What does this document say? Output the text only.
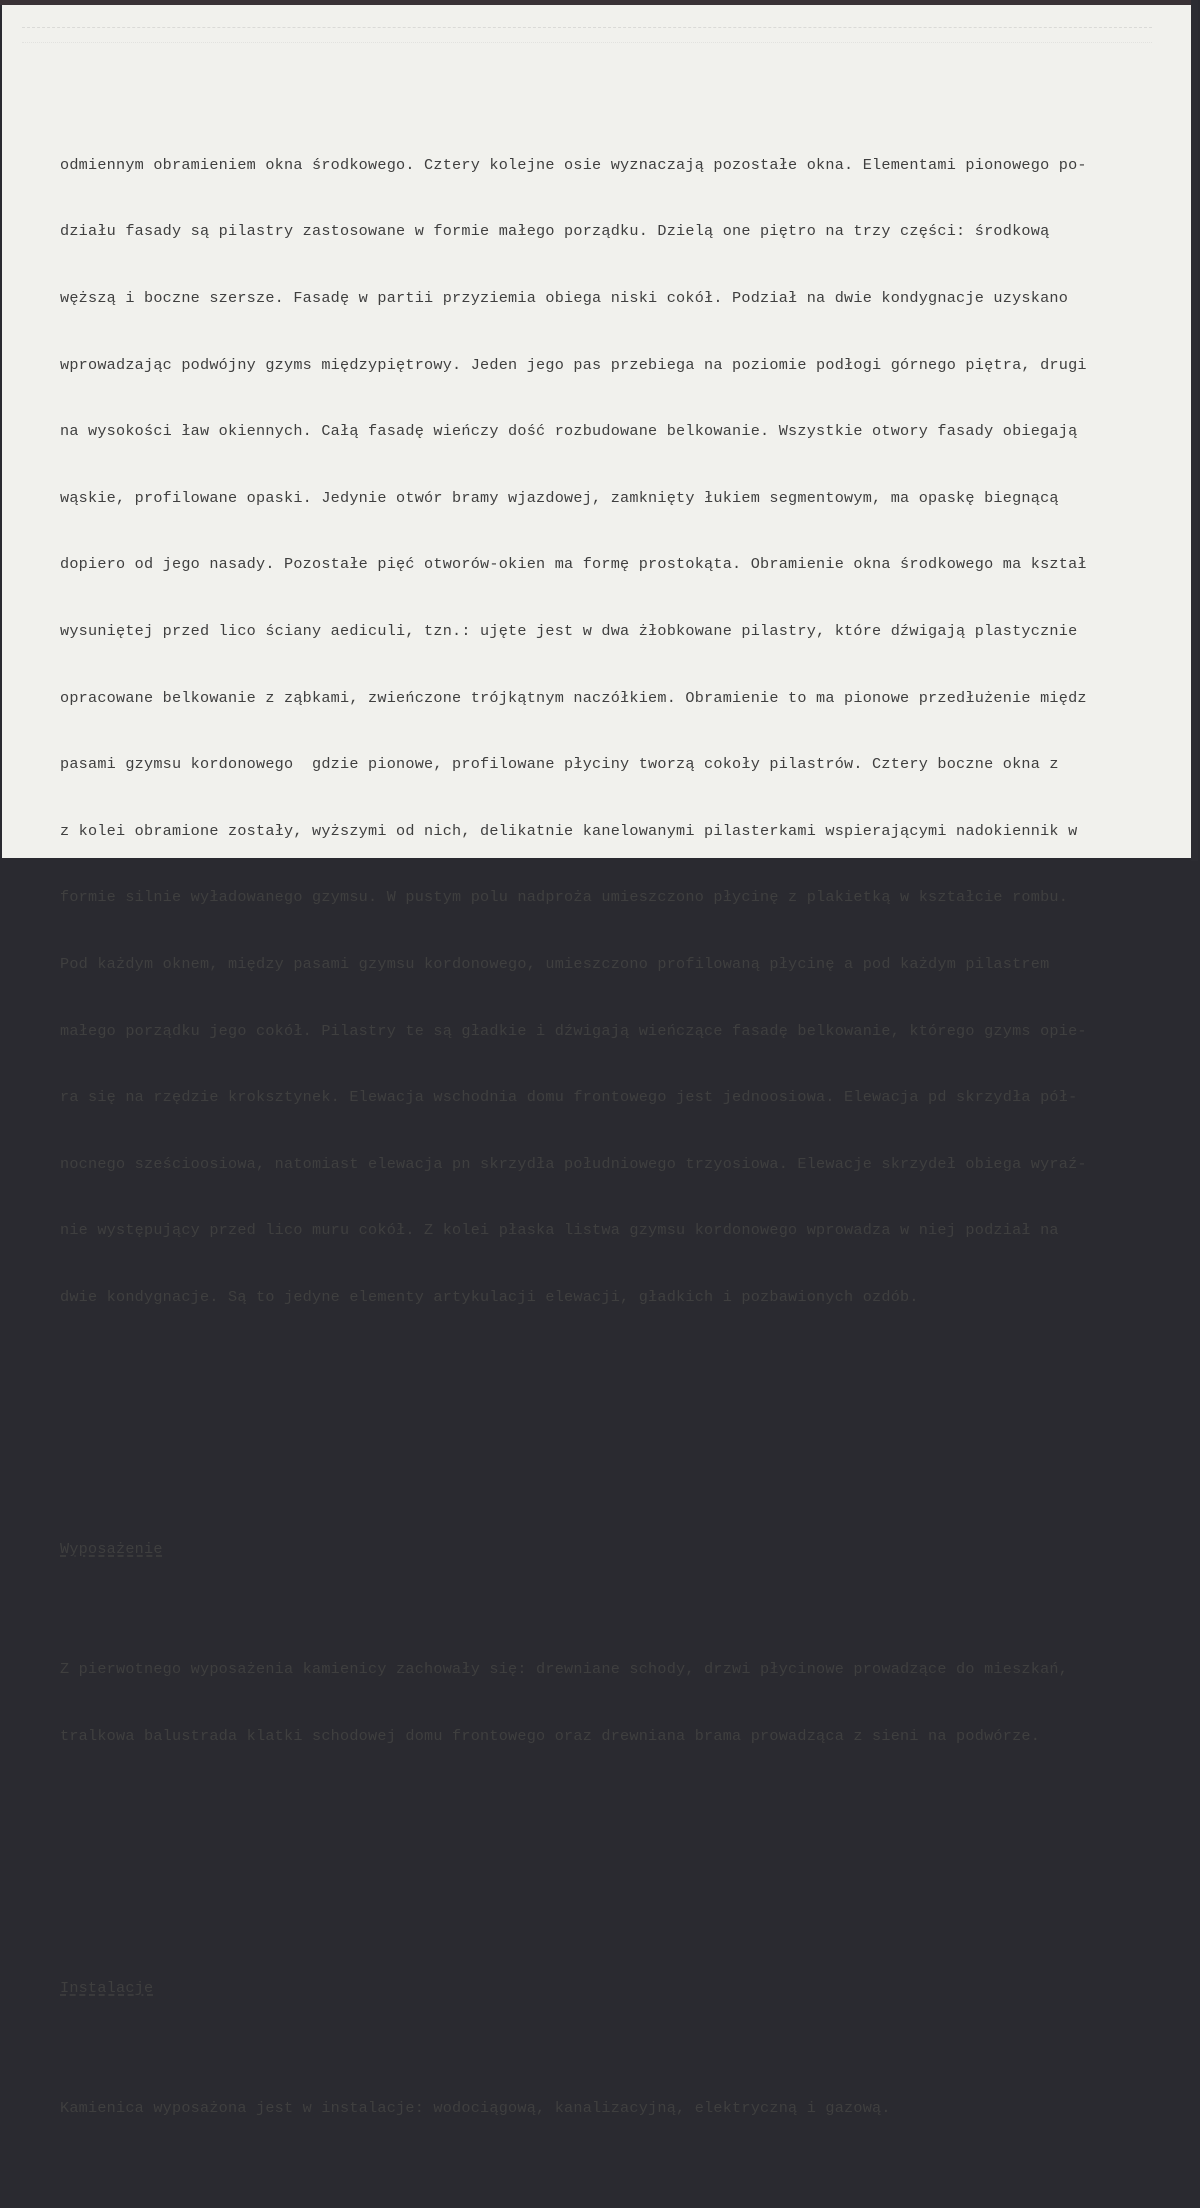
odmiennym obramieniem okna środkowego. Cztery kolejne osie wyznaczają pozostałe okna. Elementami pionowego po-

działu fasady są pilastry zastosowane w formie małego porządku. Dzielą one piętro na trzy części: środkową

węższą i boczne szersze. Fasadę w partii przyziemia obiega niski cokół. Podział na dwie kondygnacje uzyskano

wprowadzając podwójny gzyms międzypiętrowy. Jeden jego pas przebiega na poziomie podłogi górnego piętra, drugi

na wysokości ław okiennych. Całą fasadę wieńczy dość rozbudowane belkowanie. Wszystkie otwory fasady obiegają

wąskie, profilowane opaski. Jedynie otwór bramy wjazdowej, zamknięty łukiem segmentowym, ma opaskę biegnącą

dopiero od jego nasady. Pozostałe pięć otworów-okien ma formę prostokąta. Obramienie okna środkowego ma kształ

wysuniętej przed lico ściany aediculi, tzn.: ujęte jest w dwa żłobkowane pilastry, które dźwigają plastycznie

opracowane belkowanie z ząbkami, zwieńczone trójkątnym naczółkiem. Obramienie to ma pionowe przedłużenie międz

pasami gzymsu kordonowego  gdzie pionowe, profilowane płyciny tworzą cokoły pilastrów. Cztery boczne okna z

z kolei obramione zostały, wyższymi od nich, delikatnie kanelowanymi pilasterkami wspierającymi nadokiennik w

formie silnie wyładowanego gzymsu. W pustym polu nadproża umieszczono płycinę z plakietką w kształcie rombu.

Pod każdym oknem, między pasami gzymsu kordonowego, umieszczono profilowaną płycinę a pod każdym pilastrem

małego porządku jego cokół. Pilastry te są gładkie i dźwigają wieńczące fasadę belkowanie, którego gzyms opie-

ra się na rzędzie kroksztynek. Elewacja wschodnia domu frontowego jest jednoosiowa. Elewacja pd skrzydła pół-

nocnego sześcioosiowa, natomiast elewacja pn skrzydła południowego trzyosiowa. Elewacje skrzydeł obiega wyraź-

nie występujący przed lico muru cokół. Z kolei płaska listwa gzymsu kordonowego wprowadza w niej podział na

dwie kondygnacje. Są to jedyne elementy artykulacji elewacji, gładkich i pozbawionych ozdób.

Wyposażenie

Z pierwotnego wyposażenia kamienicy zachowały się: drewniane schody, drzwi płycinowe prowadzące do mieszkań,

tralkowa balustrada klatki schodowej domu frontowego oraz drewniana brama prowadząca z sieni na podwórze.

Instalacje

Kamienica wyposażona jest w instalacje: wodociągową, kanalizacyjną, elektryczną i gazową.
